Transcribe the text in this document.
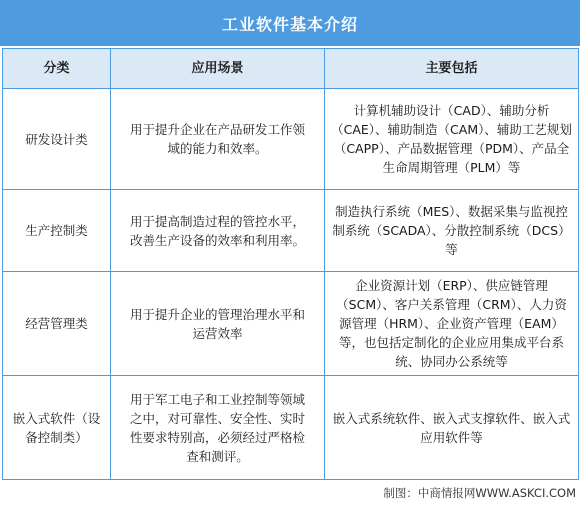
工业软件基本介绍
分类	应用场景	主要包括
研发设计类	用于提升企业在产品研发工作领域的能力和效率。	计算机辅助设计（CAD）、辅助分析（CAE）、辅助制造（CAM）、辅助工艺规划（CAPP）、产品数据管理（PDM）、产品全生命周期管理（PLM）等
生产控制类	用于提高制造过程的管控水平，改善生产设备的效率和利用率。	制造执行系统（MES）、数据采集与监视控制系统（SCADA）、分散控制系统（DCS）等
经营管理类	用于提升企业的管理治理水平和运营效率	企业资源计划（ERP）、供应链管理（SCM）、客户关系管理（CRM）、人力资源管理（HRM）、企业资产管理（EAM）等，也包括定制化的企业应用集成平台系统、协同办公系统等
嵌入式软件（设备控制类）	用于军工电子和工业控制等领域之中，对可靠性、安全性、实时性要求特别高，必须经过严格检查和测评。	嵌入式系统软件、嵌入式支撑软件、嵌入式应用软件等
制图：中商情报网WWW.ASKCI.COM
